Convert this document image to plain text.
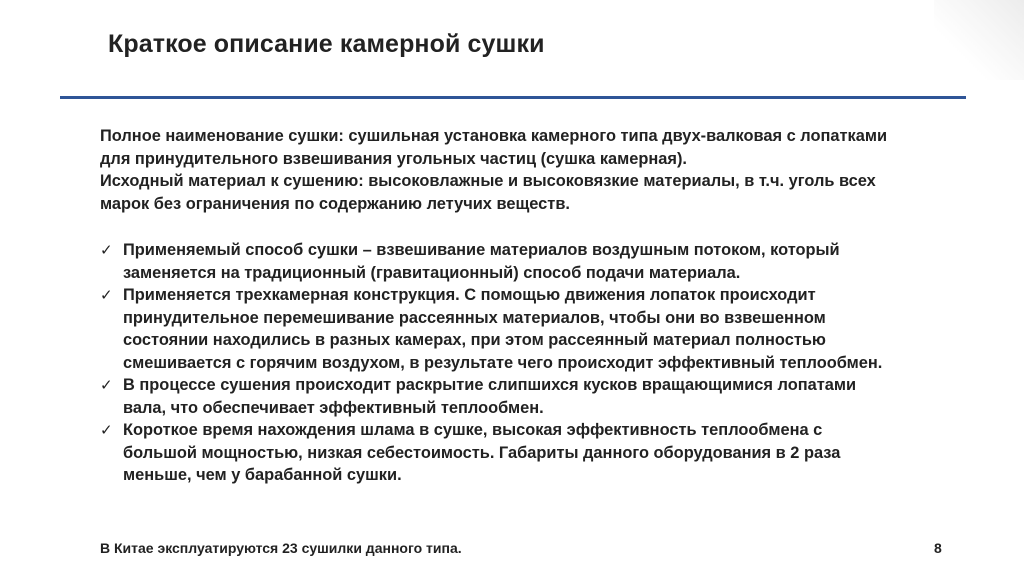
Краткое описание камерной сушки

Полное наименование сушки: сушильная установка камерного типа двух-валковая с лопатками для принудительного взвешивания угольных частиц (сушка камерная).

Исходный материал к сушению: высоковлажные и высоковязкие материалы, в т.ч. уголь всех марок без ограничения по содержанию летучих веществ.

✓ Применяемый способ сушки – взвешивание материалов воздушным потоком, который заменяется на традиционный (гравитационный) способ подачи материала.
✓ Применяется трехкамерная конструкция. С помощью движения лопаток происходит принудительное перемешивание рассеянных материалов, чтобы они во взвешенном состоянии находились в разных камерах, при этом рассеянный материал полностью смешивается с горячим воздухом, в результате чего происходит эффективный теплообмен.
✓ В процессе сушения происходит раскрытие слипшихся кусков вращающимися лопатами вала, что обеспечивает эффективный теплообмен.
✓ Короткое время нахождения шлама в сушке, высокая эффективность теплообмена с большой мощностью, низкая себестоимость. Габариты данного оборудования в 2 раза меньше, чем у барабанной сушки.
В Китае эксплуатируются 23 сушилки данного типа.	8
